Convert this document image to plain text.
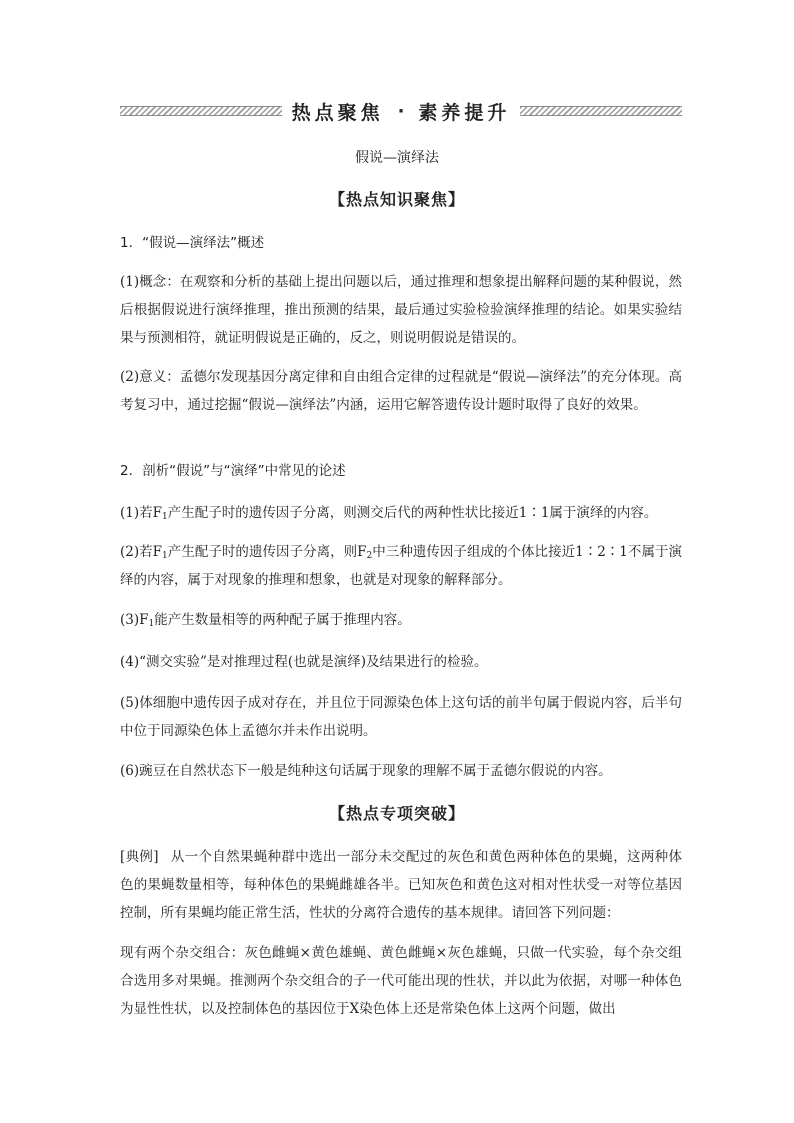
热点聚焦 · 素养提升
假说—演绎法
【热点知识聚焦】
1．“假说—演绎法”概述
(1)概念：在观察和分析的基础上提出问题以后，通过推理和想象提出解释问题的某种假说，然后根据假说进行演绎推理，推出预测的结果，最后通过实验检验演绎推理的结论。如果实验结果与预测相符，就证明假说是正确的，反之，则说明假说是错误的。
(2)意义：孟德尔发现基因分离定律和自由组合定律的过程就是“假说—演绎法”的充分体现。高考复习中，通过挖掘“假说—演绎法”内涵，运用它解答遗传设计题时取得了良好的效果。
2．剖析“假说”与“演绎”中常见的论述
(1)若$F_1$产生配子时的遗传因子分离，则测交后代的两种性状比接近1∶1属于演绎的内容。
(2)若$F_1$产生配子时的遗传因子分离，则$F_2$中三种遗传因子组成的个体比接近1∶2∶1不属于演绎的内容，属于对现象的推理和想象，也就是对现象的解释部分。
$(3)F_1$能产生数量相等的两种配子属于推理内容。
(4)“测交实验”是对推理过程(也就是演绎)及结果进行的检验。
(5)体细胞中遗传因子成对存在，并且位于同源染色体上这句话的前半句属于假说内容，后半句中位于同源染色体上孟德尔并未作出说明。
(6)豌豆在自然状态下一般是纯种这句话属于现象的理解不属于孟德尔假说的内容。
【热点专项突破】
[典例] 从一个自然果蝇种群中选出一部分未交配过的灰色和黄色两种体色的果蝇，这两种体色的果蝇数量相等，每种体色的果蝇雌雄各半。已知灰色和黄色这对相对性状受一对等位基因控制，所有果蝇均能正常生活，性状的分离符合遗传的基本规律。请回答下列问题：
现有两个杂交组合：灰色雌蝇×黄色雄蝇、黄色雌蝇×灰色雄蝇，只做一代实验，每个杂交组合选用多对果蝇。推测两个杂交组合的子一代可能出现的性状，并以此为依据，对哪一种体色为显性性状，以及控制体色的基因位于X染色体上还是常染色体上这两个问题，做出
